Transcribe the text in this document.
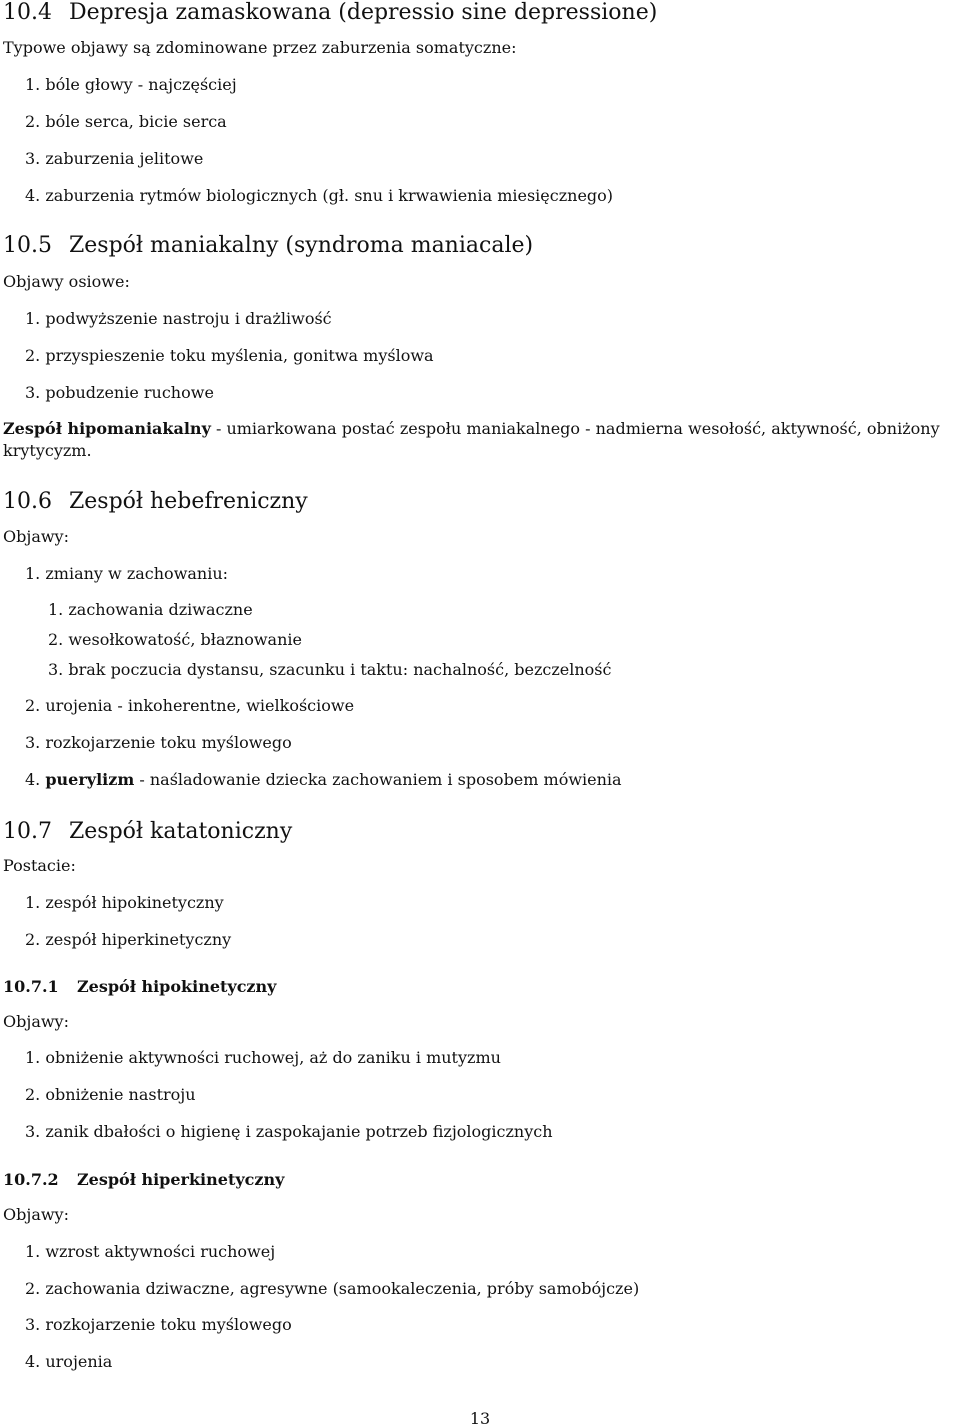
10.4 Depresja zamaskowana (depressio sine depressione)
Typowe objawy są zdominowane przez zaburzenia somatyczne:
1. bóle głowy - najczęściej
2. bóle serca, bicie serca
3. zaburzenia jelitowe
4. zaburzenia rytmów biologicznych (gł. snu i krwawienia miesięcznego)
10.5 Zespół maniakalny (syndroma maniacale)
Objawy osiowe:
1. podwyższenie nastroju i drażliwość
2. przyspieszenie toku myślenia, gonitwa myślowa
3. pobudzenie ruchowe
Zespół hipomaniakalny - umiarkowana postać zespołu maniakalnego - nadmierna wesołość, aktywność, obniżony krytycyzm.
10.6 Zespół hebefreniczny
Objawy:
1. zmiany w zachowaniu:
1. zachowania dziwaczne
2. wesołkowatość, błaznowanie
3. brak poczucia dystansu, szacunku i taktu: nachalność, bezczelność
2. urojenia - inkoherentne, wielkościowe
3. rozkojarzenie toku myślowego
4. puerylizm - naśladowanie dziecka zachowaniem i sposobem mówienia
10.7 Zespół katatoniczny
Postacie:
1. zespół hipokinetyczny
2. zespół hiperkinetyczny
10.7.1 Zespół hipokinetyczny
Objawy:
1. obniżenie aktywności ruchowej, aż do zaniku i mutyzmu
2. obniżenie nastroju
3. zanik dbałości o higienę i zaspokajanie potrzeb fizjologicznych
10.7.2 Zespół hiperkinetyczny
Objawy:
1. wzrost aktywności ruchowej
2. zachowania dziwaczne, agresywne (samookaleczenia, próby samobójcze)
3. rozkojarzenie toku myślowego
4. urojenia
13
